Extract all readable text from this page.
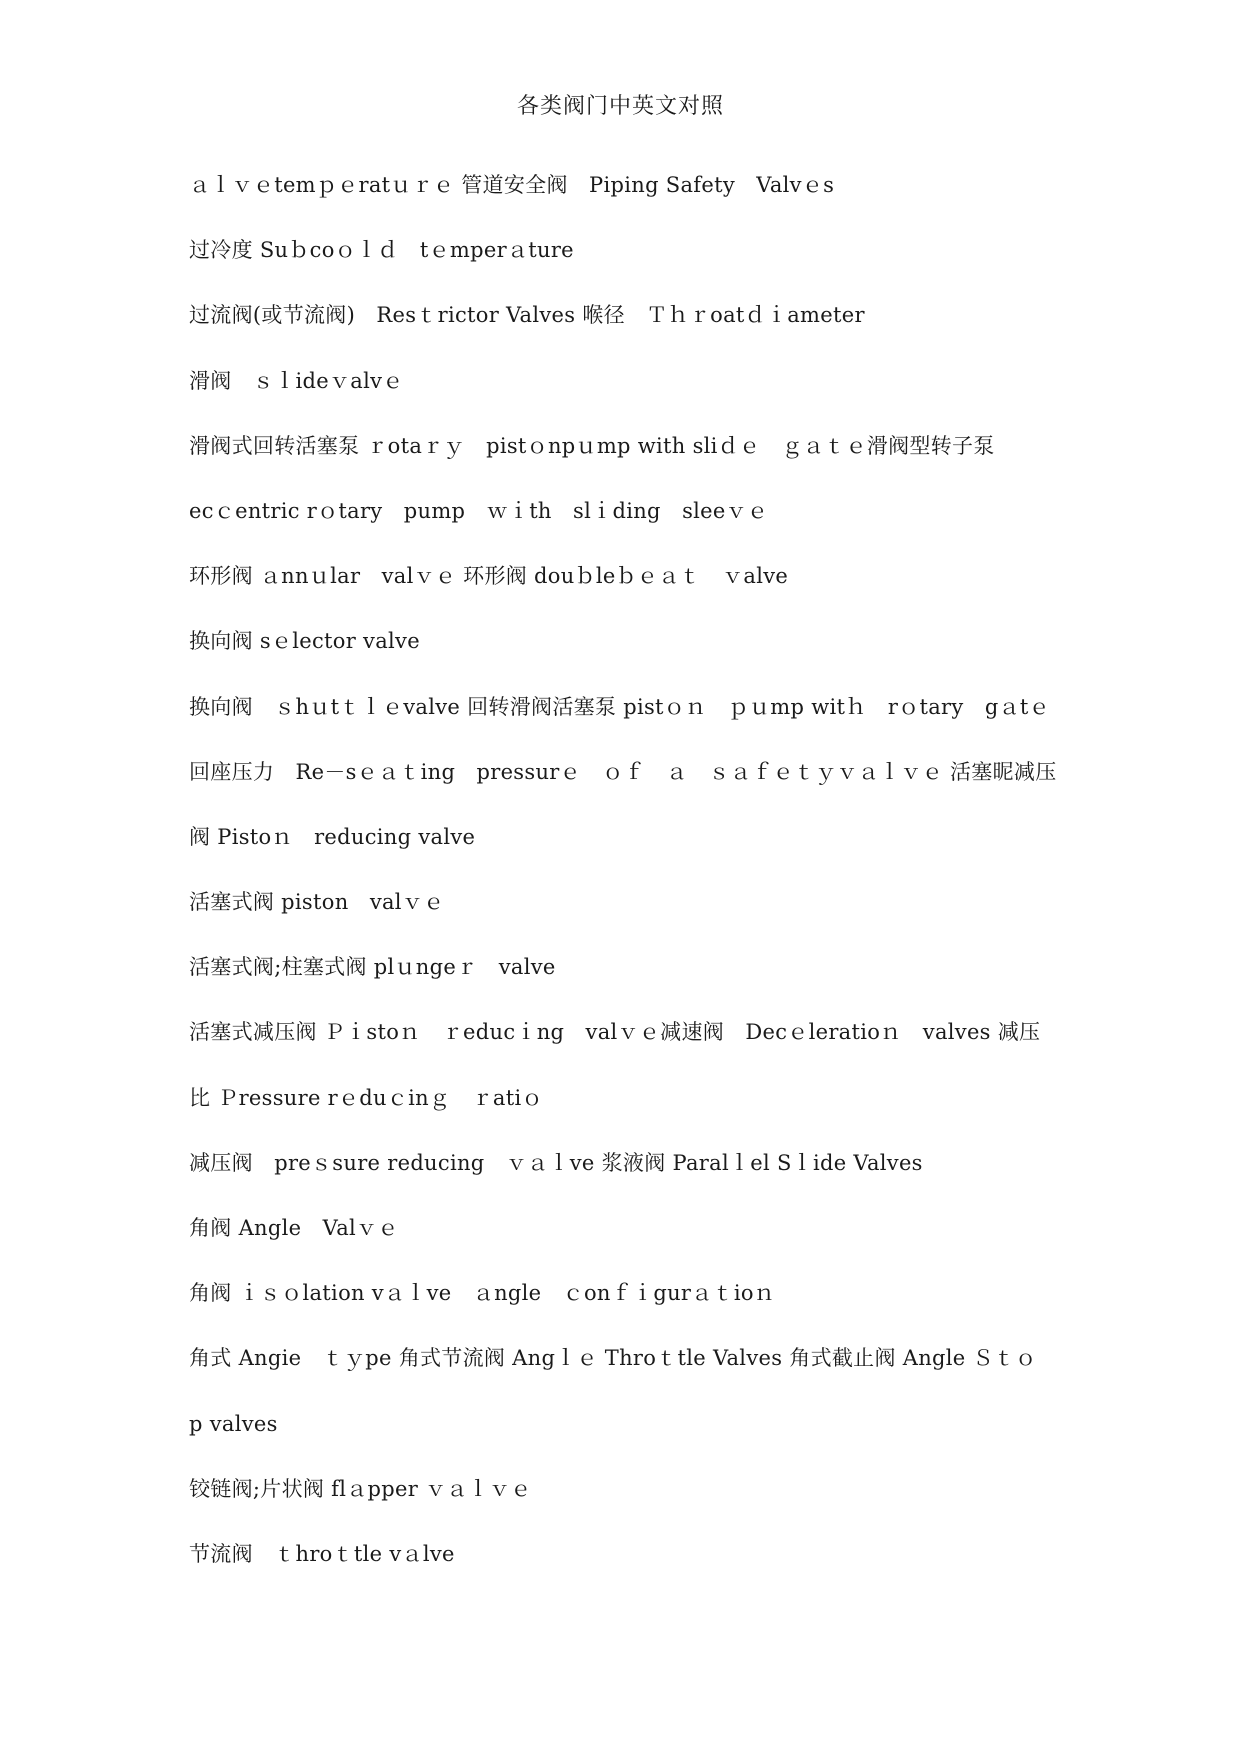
各类阀门中英文对照
ａｌｖｅtemｐｅratｕｒｅ 管道安全阀　Piping Safety　Valvｅs
过冷度 Suｂcoｏｌｄ　tｅmperａture
过流阀(或节流阀)　Resｔrictor Valves 喉径　Ｔｈｒoatｄｉameter
滑阀　ｓｌideｖalvｅ
滑阀式回转活塞泵 ｒotaｒｙ　pistｏnpｕmp with sliｄｅ　ｇａｔｅ滑阀型转子泵
ecｃentric rｏtary　pump　ｗｉth　slｉding　sleeｖｅ
环形阀 ａnnｕlar　valｖｅ 环形阀 douｂleｂｅａｔ　ｖalve
换向阀 sｅlector valve
换向阀　ｓhｕtｔｌｅvalve 回转滑阀活塞泵 pistｏｎ　ｐｕmp witｈ　rｏtary　gａtｅ
回座压力　Re－sｅａｔing　pressurｅ　ｏｆ　ａ　ｓａｆｅｔｙｖａｌｖｅ 活塞昵减压
阀 Pistoｎ　reducing valve
活塞式阀 piston　valｖｅ
活塞式阀;柱塞式阀 plｕngeｒ　valve
活塞式减压阀 Ｐｉstoｎ　ｒeducｉng　valｖｅ减速阀　Decｅleratioｎ　valves 减压
比 Ｐressure rｅduｃinｇ　ｒatiｏ
减压阀　preｓsure reducing　ｖａｌve 浆液阀 Paralｌel Sｌide Valves
角阀 Angle　Valｖｅ
角阀 ｉｓｏlation vａｌve　ａngle　ｃonｆｉgurａｔioｎ
角式 Angie　ｔｙpe 角式节流阀 Angｌｅ Throｔtle Valves 角式截止阀 Angle Ｓｔｏ
p valves
铰链阀;片状阀 flａpper ｖａｌｖｅ
节流阀　ｔhroｔtle vａlve
